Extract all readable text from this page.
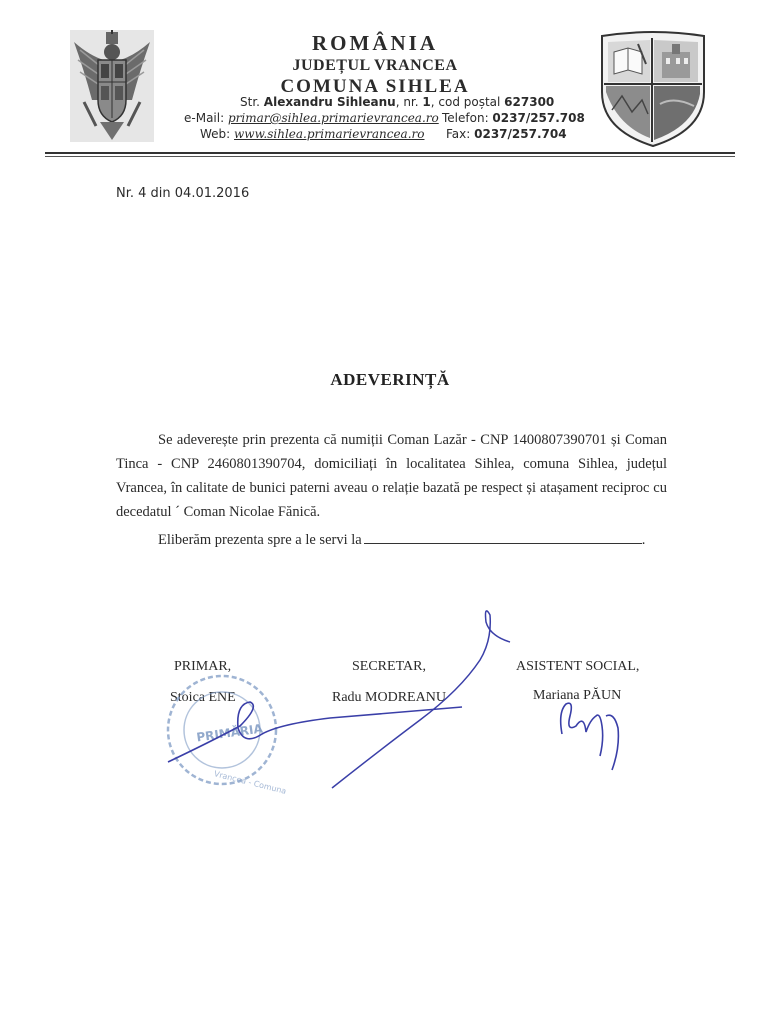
ROMÂNIA
JUDEȚUL VRANCEA
COMUNA SIHLEA
Str. Alexandru Sihleanu, nr. 1, cod poștal 627300
e-Mail: primar@sihlea.primarievrancea.ro Telefon: 0237/257.708
Web: www.sihlea.primarievrancea.ro Fax: 0237/257.704
Nr. 4 din 04.01.2016
ADEVERINȚĂ
Se adeverește prin prezenta că numiții Coman Lazăr - CNP 1400807390701 și Coman Tinca - CNP 2460801390704, domiciliați în localitatea Sihlea, comuna Sihlea, județul Vrancea, în calitate de bunici paterni aveau o relație bazată pe respect și atașament reciproc cu decedatul ´ Coman Nicolae Fănică.
Eliberăm prezenta spre a le servi la	.
PRIMAR,
Stoica ENE
SECRETAR,
Radu MODREANU
ASISTENT SOCIAL,
Mariana PĂUN
PRIMĂRIA
Vrancea - Comuna
